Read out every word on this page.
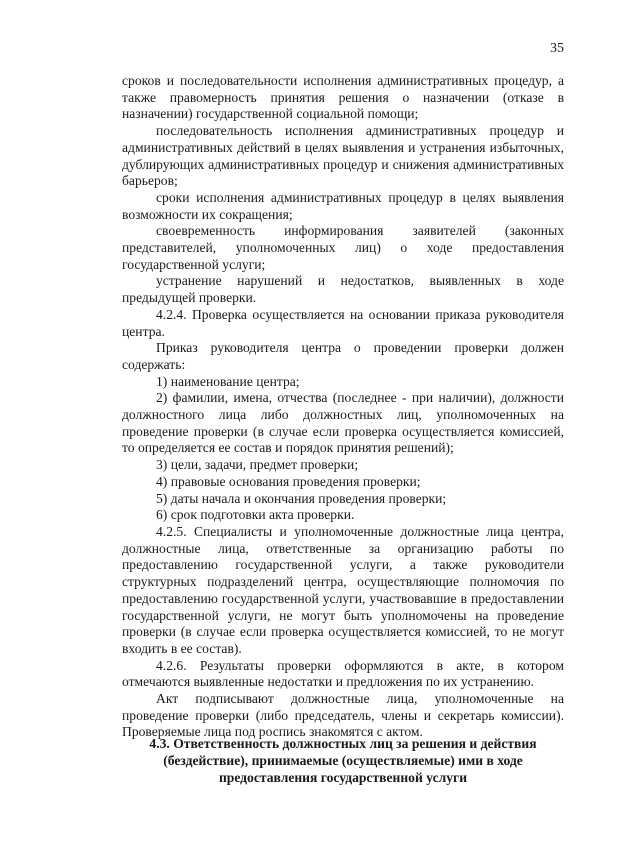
35

сроков и последовательности исполнения административных процедур, а также правомерность принятия решения о назначении (отказе в назначении) государственной социальной помощи;

последовательность исполнения административных процедур и административных действий в целях выявления и устранения избыточных, дублирующих административных процедур и снижения административных барьеров;

сроки исполнения административных процедур в целях выявления возможности их сокращения;

своевременность информирования заявителей (законных представителей, уполномоченных лиц) о ходе предоставления государственной услуги;

устранение нарушений и недостатков, выявленных в ходе предыдущей проверки.

4.2.4. Проверка осуществляется на основании приказа руководителя центра.

Приказ руководителя центра о проведении проверки должен содержать:

1) наименование центра;

2) фамилии, имена, отчества (последнее - при наличии), должности должностного лица либо должностных лиц, уполномоченных на проведение проверки (в случае если проверка осуществляется комиссией, то определяется ее состав и порядок принятия решений);

3) цели, задачи, предмет проверки;

4) правовые основания проведения проверки;

5) даты начала и окончания проведения проверки;

6) срок подготовки акта проверки.

4.2.5. Специалисты и уполномоченные должностные лица центра, должностные лица, ответственные за организацию работы по предоставлению государственной услуги, а также руководители структурных подразделений центра, осуществляющие полномочия по предоставлению государственной услуги, участвовавшие в предоставлении государственной услуги, не могут быть уполномочены на проведение проверки (в случае если проверка осуществляется комиссией, то не могут входить в ее состав).

4.2.6. Результаты проверки оформляются в акте, в котором отмечаются выявленные недостатки и предложения по их устранению.

Акт подписывают должностные лица, уполномоченные на проведение проверки (либо председатель, члены и секретарь комиссии). Проверяемые лица под роспись знакомятся с актом.

4.3. Ответственность должностных лиц за решения и действия (бездействие), принимаемые (осуществляемые) ими в ходе предоставления государственной услуги
